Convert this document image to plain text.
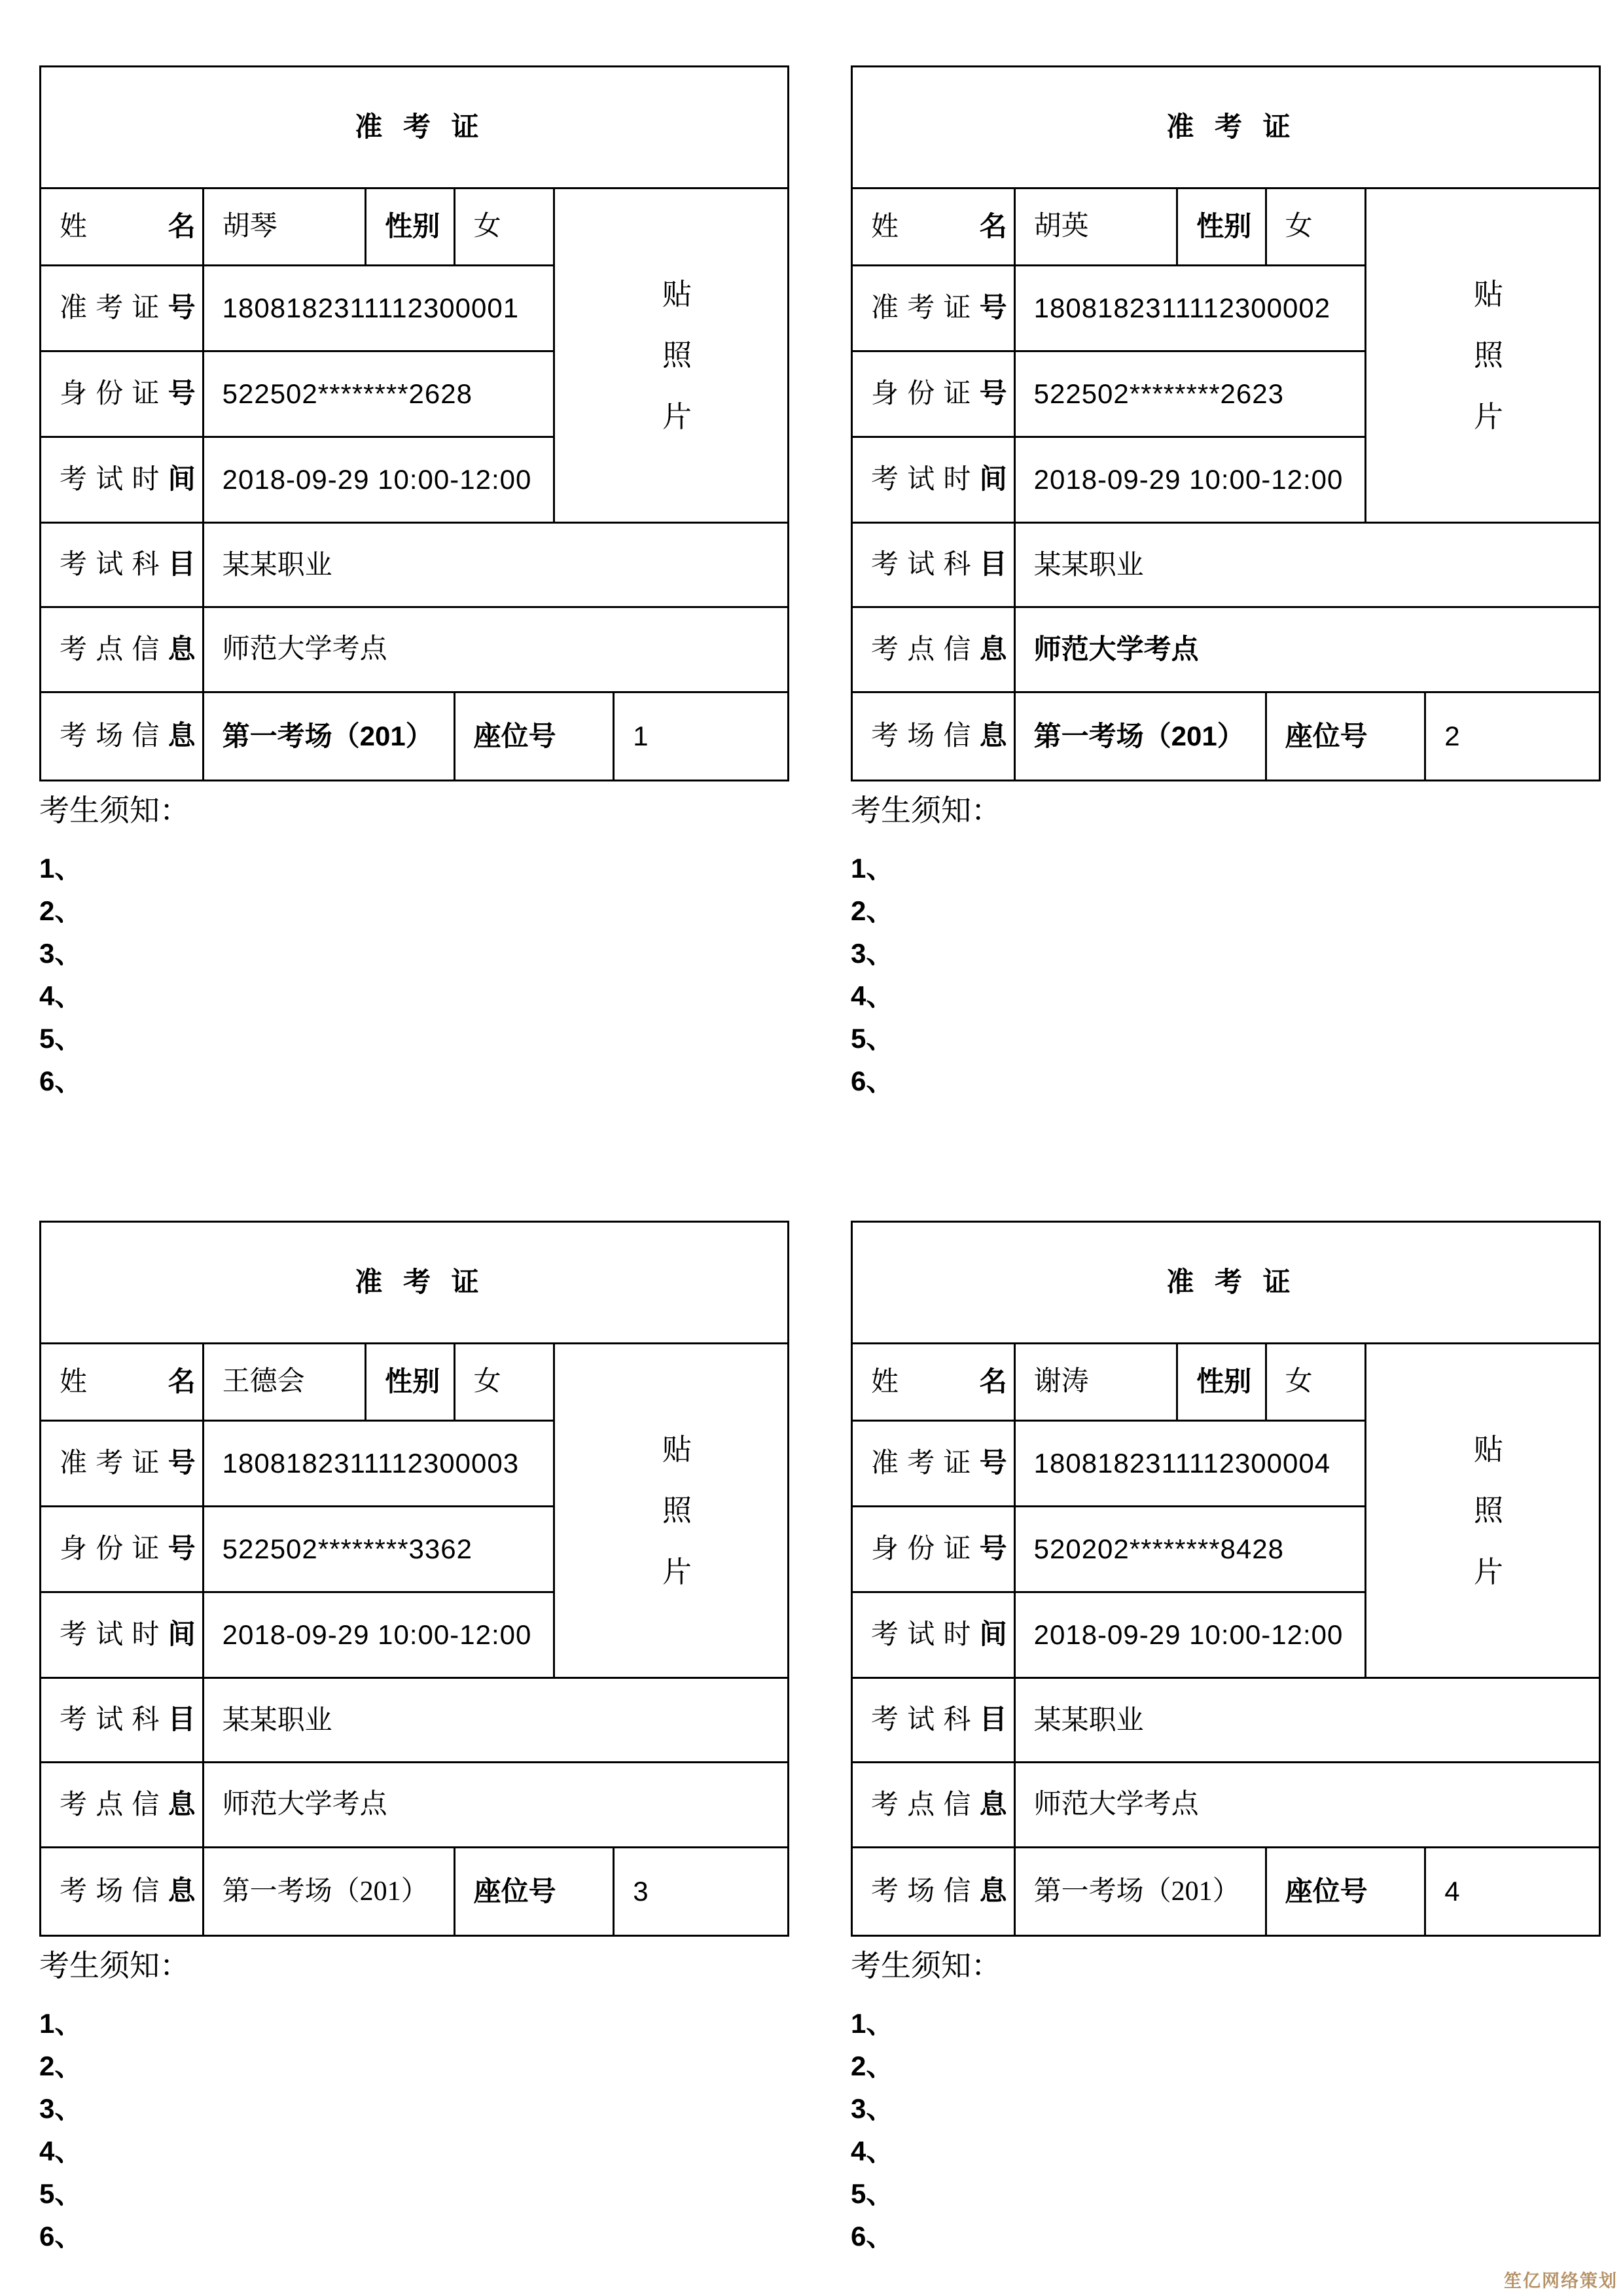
准 考 证					
姓名	胡琴	性别	女	贴照片	
准考证号	1808182311112300001				
身份证号	522502********2628				
考试时间	2018-09-29 10:00-12:00				
考试科目	某某职业				
考点信息	师范大学考点				
考场信息	第一考场（201）		座位号		1
考生须知：
1、
2、
3、
4、
5、
6、
准 考 证					
姓名	胡英	性别	女	贴照片	
准考证号	1808182311112300002				
身份证号	522502********2623				
考试时间	2018-09-29 10:00-12:00				
考试科目	某某职业				
考点信息	师范大学考点				
考场信息	第一考场（201）		座位号		2
考生须知：
1、
2、
3、
4、
5、
6、
准 考 证					
姓名	王德会	性别	女	贴照片	
准考证号	1808182311112300003				
身份证号	522502********3362				
考试时间	2018-09-29 10:00-12:00				
考试科目	某某职业				
考点信息	师范大学考点				
考场信息	第一考场（201）		座位号		3
考生须知：
1、
2、
3、
4、
5、
6、
准 考 证					
姓名	谢涛	性别	女	贴照片	
准考证号	1808182311112300004				
身份证号	520202********8428				
考试时间	2018-09-29 10:00-12:00				
考试科目	某某职业				
考点信息	师范大学考点				
考场信息	第一考场（201）		座位号		4
考生须知：
1、
2、
3、
4、
5、
6、
笙亿网络策划
